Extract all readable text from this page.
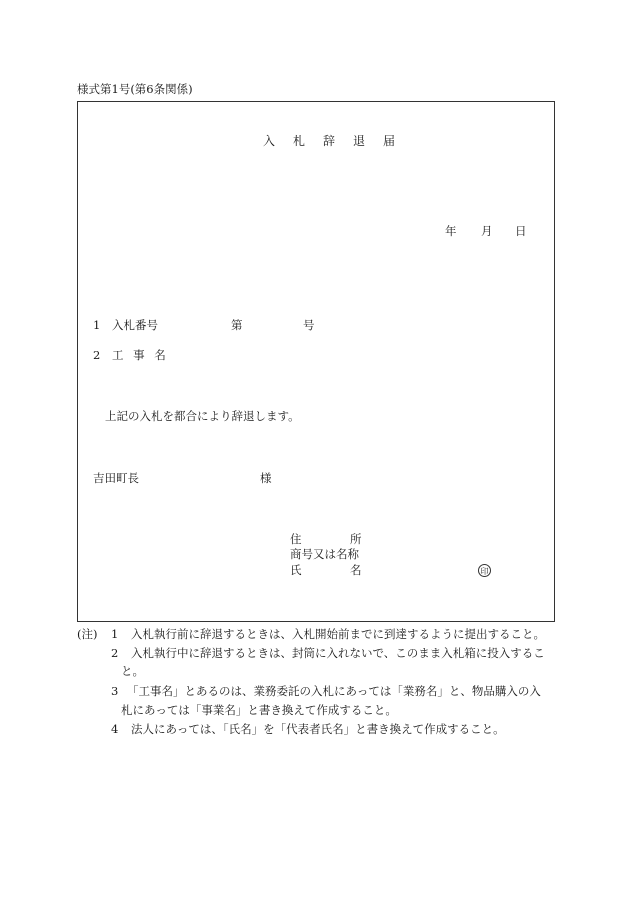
様式第1号(第6条関係)
入札辞退届
年 月 日
1 入札番号	第	号
2 工 事 名
上記の入札を都合により辞退します。
吉田町長	様
住	所
商号又は名称
氏	名	印
(注) 1 入札執行前に辞退するときは、入札開始前までに到達するように提出すること。
2 入札執行中に辞退するときは、封筒に入れないで、このまま入札箱に投入するこ
と。
3 「工事名」とあるのは、業務委託の入札にあっては「業務名」と、物品購入の入
札にあっては「事業名」と書き換えて作成すること。
4 法人にあっては、「氏名」を「代表者氏名」と書き換えて作成すること。
